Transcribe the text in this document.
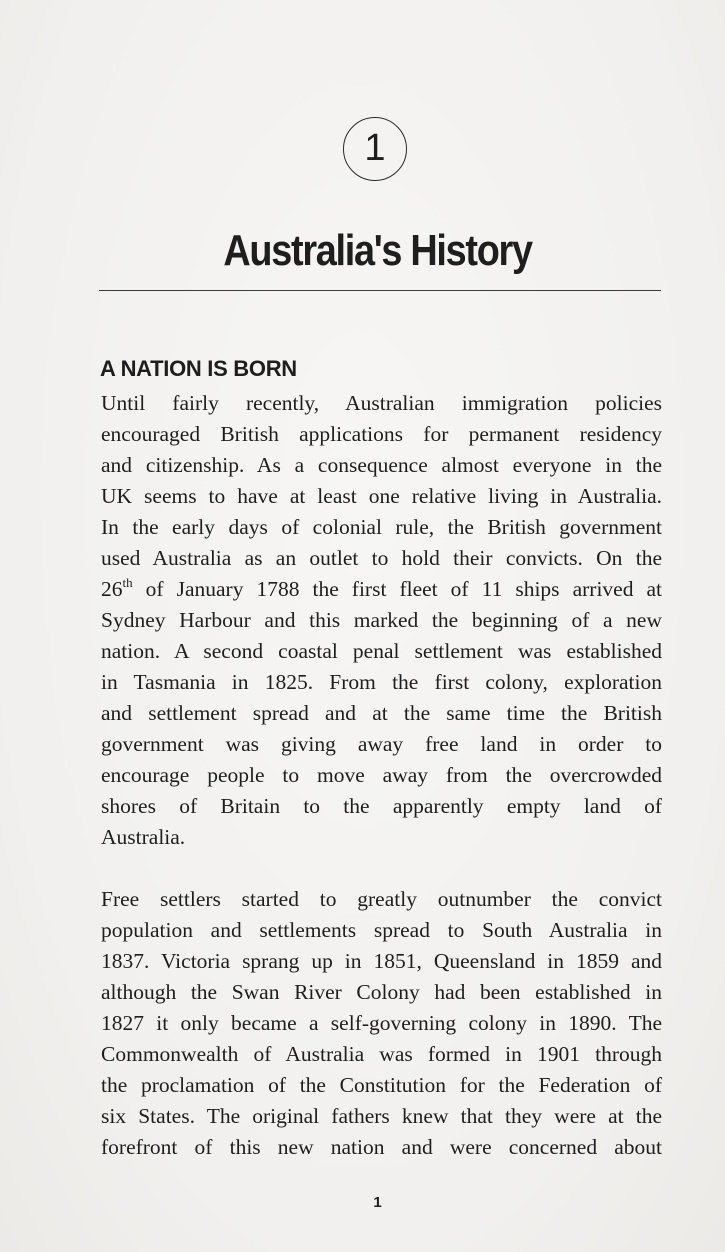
1
Australia's History
A NATION IS BORN
Until fairly recently, Australian immigration policies
encouraged British applications for permanent residency
and citizenship. As a consequence almost everyone in the
UK seems to have at least one relative living in Australia.
In the early days of colonial rule, the British government
used Australia as an outlet to hold their convicts. On the
26th of January 1788 the first fleet of 11 ships arrived at
Sydney Harbour and this marked the beginning of a new
nation. A second coastal penal settlement was established
in Tasmania in 1825. From the first colony, exploration
and settlement spread and at the same time the British
government was giving away free land in order to
encourage people to move away from the overcrowded
shores of Britain to the apparently empty land of
Australia.
Free settlers started to greatly outnumber the convict
population and settlements spread to South Australia in
1837. Victoria sprang up in 1851, Queensland in 1859 and
although the Swan River Colony had been established in
1827 it only became a self-governing colony in 1890. The
Commonwealth of Australia was formed in 1901 through
the proclamation of the Constitution for the Federation of
six States. The original fathers knew that they were at the
forefront of this new nation and were concerned about
1
